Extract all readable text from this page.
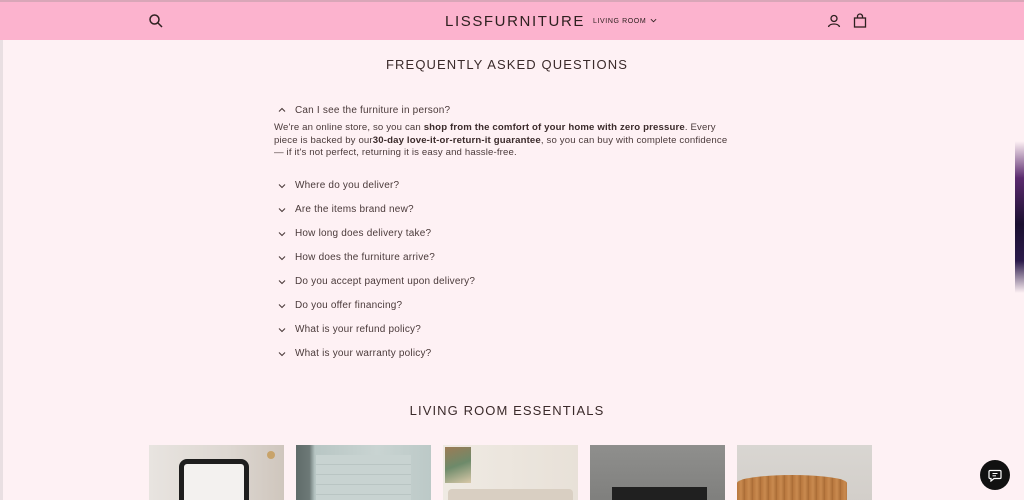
LISSFURNITURE LIVING ROOM
FREQUENTLY ASKED QUESTIONS
Can I see the furniture in person?
We're an online store, so you can shop from the comfort of your home with zero pressure. Every piece is backed by our30-day love-it-or-return-it guarantee, so you can buy with complete confidence — if it's not perfect, returning it is easy and hassle-free.
Where do you deliver?
Are the items brand new?
How long does delivery take?
How does the furniture arrive?
Do you accept payment upon delivery?
Do you offer financing?
What is your refund policy?
What is your warranty policy?
LIVING ROOM ESSENTIALS
